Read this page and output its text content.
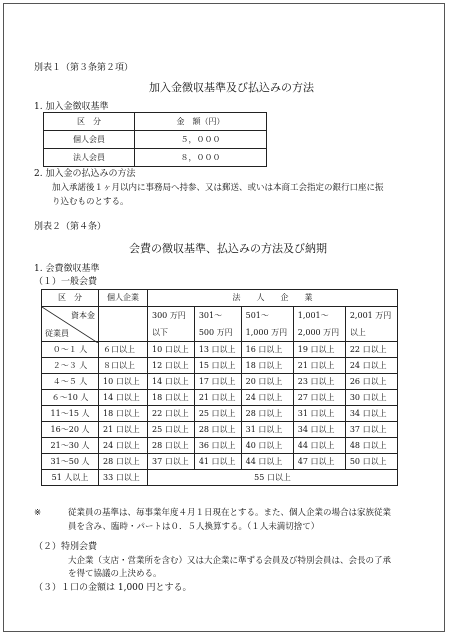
別表１（第３条第２項）
加入金徴収基準及び払込みの方法
1. 加入金徴収基準
区　分	金　額（円）
個人会員	５，０００
法人会員	８，０００
2. 加入金の払込みの方法
加入承諾後１ヶ月以内に事務局へ持参、又は郵送、或いは本商工会指定の銀行口座に振
り込むものとする。
別表２（第４条）
会費の徴収基準、払込みの方法及び納期
1. 会費徴収基準
（１）一般会費
区　分	個人企業	法　　人　　企　　業				

資本金
従業員		300 万円	301～	501～	1,001～	2,001 万円
		以下	500 万円	1,000 万円	2,000 万円	以上
０～１ 人	６口以上	10 口以上	13 口以上	16 口以上	19 口以上	22 口以上
２～３ 人	８口以上	12 口以上	15 口以上	18 口以上	21 口以上	24 口以上
４～５ 人	10 口以上	14 口以上	17 口以上	20 口以上	23 口以上	26 口以上
６～10 人	14 口以上	18 口以上	21 口以上	24 口以上	27 口以上	30 口以上
11～15 人	18 口以上	22 口以上	25 口以上	28 口以上	31 口以上	34 口以上
16～20 人	21 口以上	25 口以上	28 口以上	31 口以上	34 口以上	37 口以上
21～30 人	24 口以上	28 口以上	36 口以上	40 口以上	44 口以上	48 口以上
31～50 人	28 口以上	37 口以上	41 口以上	44 口以上	47 口以上	50 口以上
51 人以上	33 口以上	55 口以上				
※	従業員の基準は、毎事業年度４月１日現在とする。また、個人企業の場合は家族従業
員を含み、臨時・パートは０．５人換算する。（１人未満切捨て）
（２）特別会費
大企業（支店・営業所を含む）又は大企業に準ずる会員及び特別会員は、会長の了承
を得て協議の上決める。
（３）１口の金額は 1,000 円とする。
